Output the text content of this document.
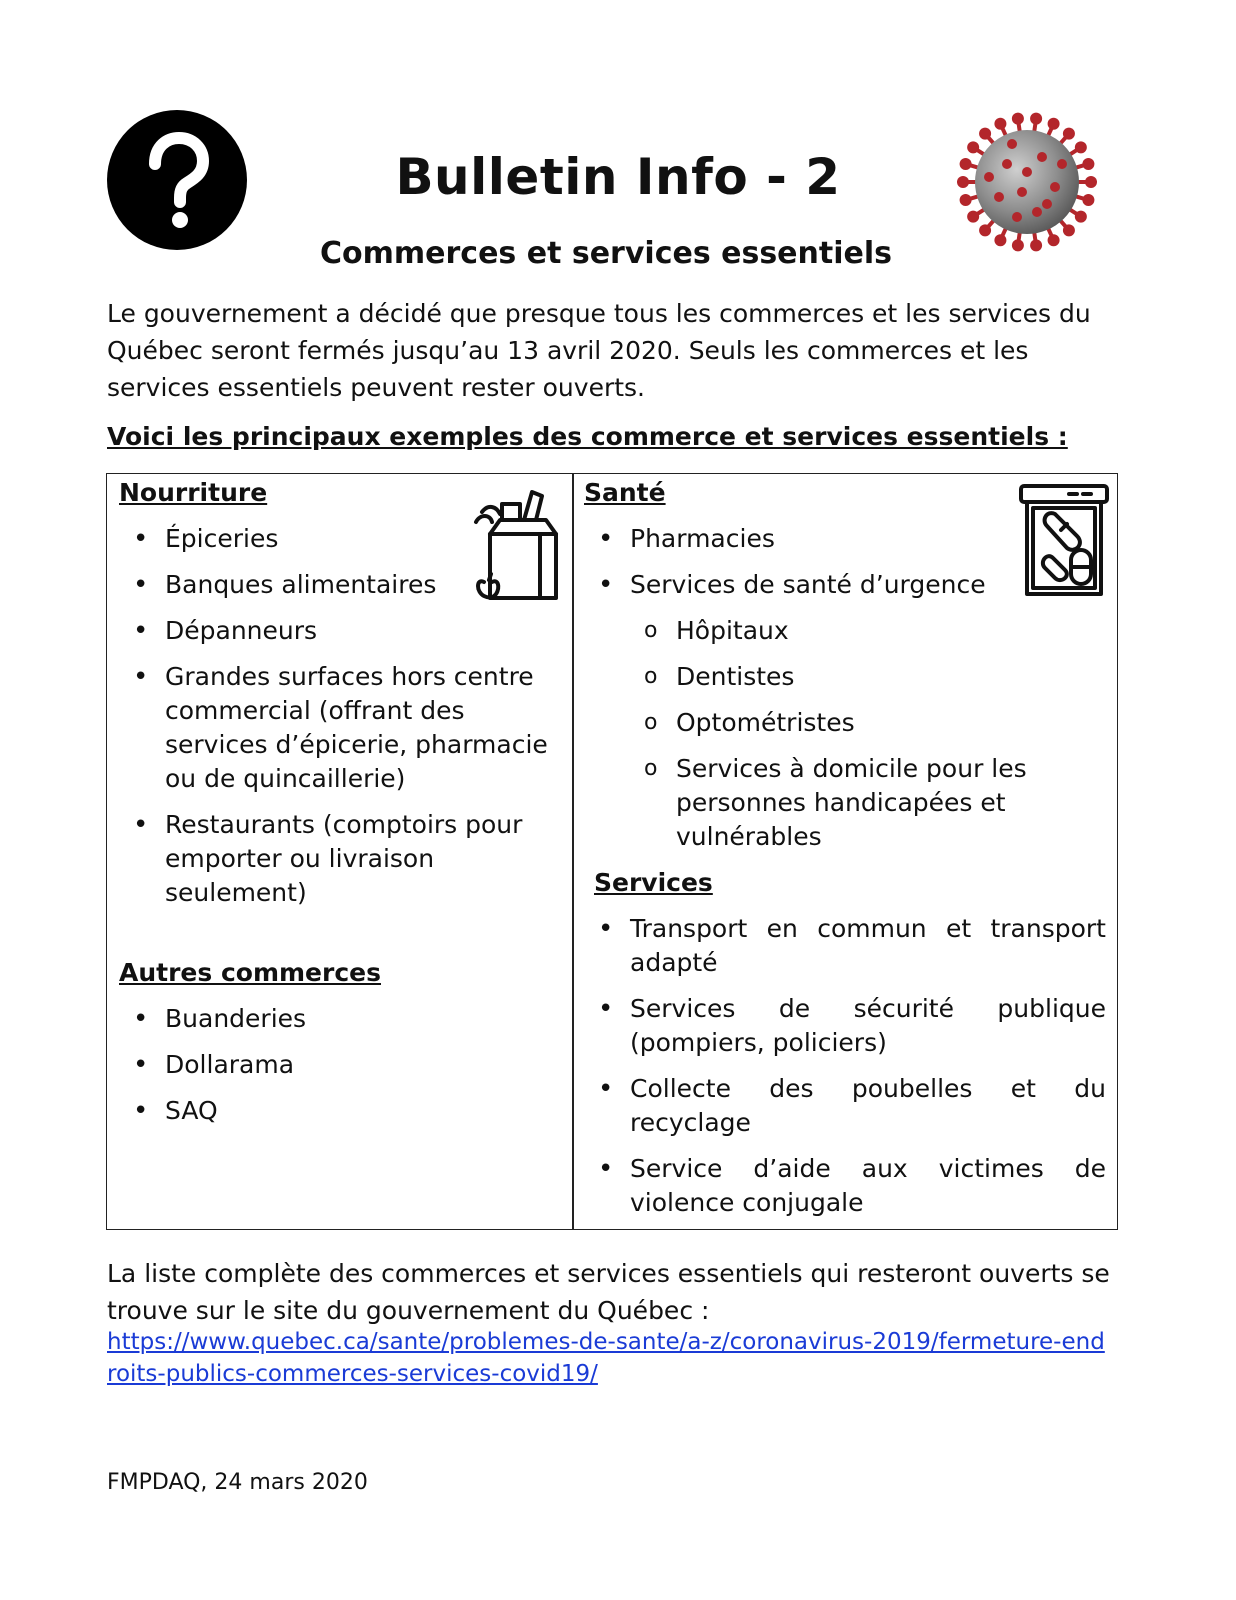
Bulletin Info - 2
Commerces et services essentiels

Le gouvernement a décidé que presque tous les commerces et les services du Québec seront fermés jusqu’au 13 avril 2020. Seuls les commerces et les services essentiels peuvent rester ouverts.

Voici les principaux exemples des commerce et services essentiels :

Nourriture

• Épiceries
• Banques alimentaires
• Dépanneurs
• Grandes surfaces hors centre commercial (offrant des services d’épicerie, pharmacie ou de quincaillerie)
• Restaurants (comptoirs pour emporter ou livraison seulement)

Autres commerces

• Buanderies
• Dollarama
• SAQ

Santé

• Pharmacies
• Services de santé d’urgence
o Hôpitaux
o Dentistes
o Optométristes
o Services à domicile pour les personnes handicapées et vulnérables

Services

• Transport en commun et transport adapté
• Services de sécurité publique (pompiers, policiers)
• Collecte des poubelles et du recyclage
• Service d’aide aux victimes de violence conjugale

La liste complète des commerces et services essentiels qui resteront ouverts se trouve sur le site du gouvernement du Québec :

https://www.quebec.ca/sante/problemes-de-sante/a-z/coronavirus-2019/fermeture-endroits-publics-commerces-services-covid19/

FMPDAQ, 24 mars 2020
